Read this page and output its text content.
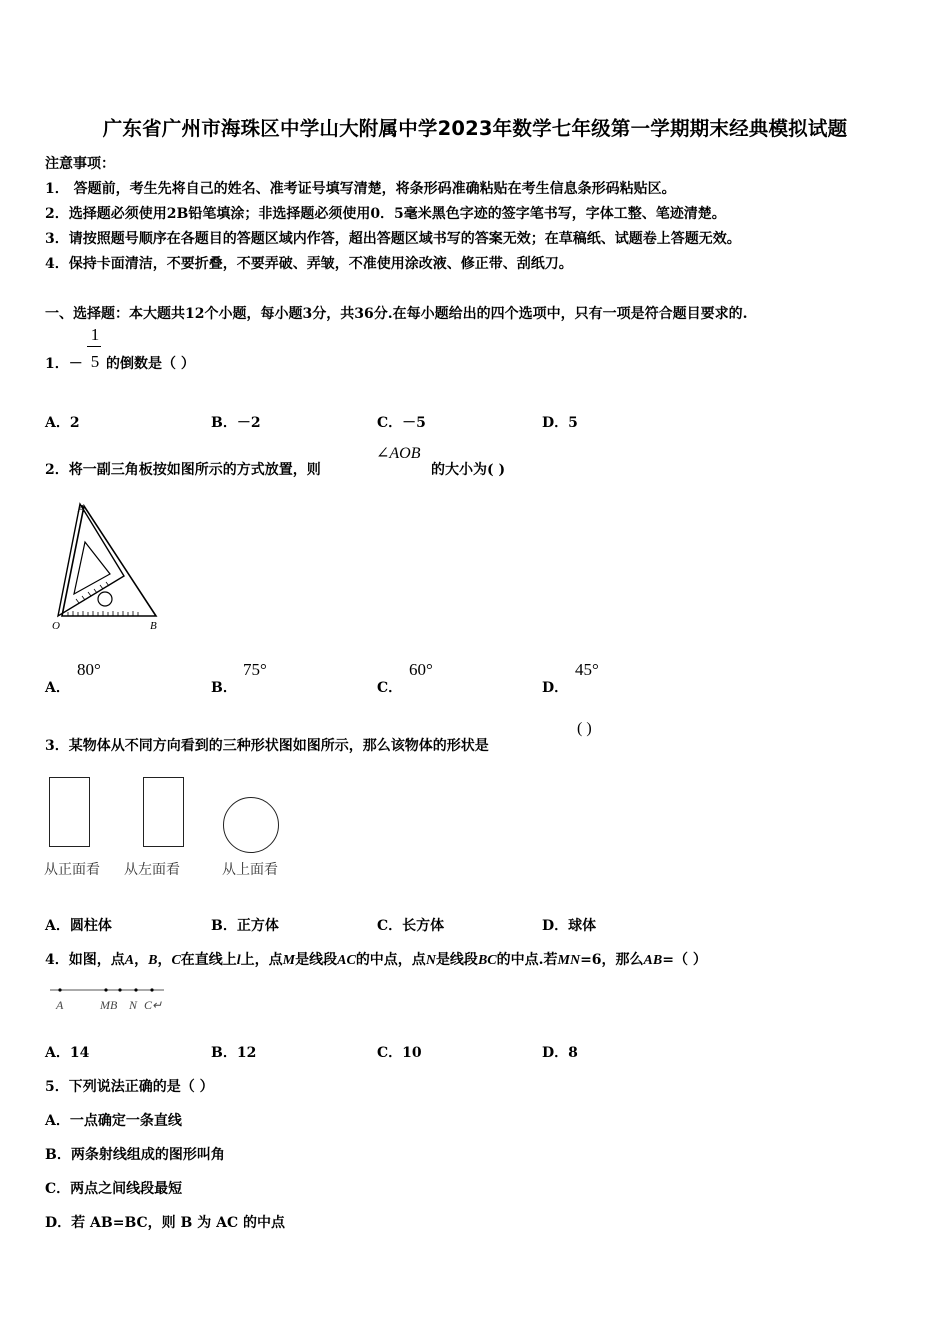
广东省广州市海珠区中学山大附属中学2023年数学七年级第一学期期末经典模拟试题
注意事项：
1． 答题前，考生先将自己的姓名、准考证号填写清楚，将条形码准确粘贴在考生信息条形码粘贴区。
2．选择题必须使用2B铅笔填涂；非选择题必须使用0．5毫米黑色字迹的签字笔书写，字体工整、笔迹清楚。
3．请按照题号顺序在各题目的答题区域内作答，超出答题区域书写的答案无效；在草稿纸、试题卷上答题无效。
4．保持卡面清洁，不要折叠，不要弄破、弄皱，不准使用涂改液、修正带、刮纸刀。
一、选择题：本大题共12个小题，每小题3分，共36分.在每小题给出的四个选项中，只有一项是符合题目要求的.
1．－
1
5 的倒数是（ ）
A．2	B．－2	C．－5	D．5
2．将一副三角板按如图所示的方式放置，则
∠AOB
的大小为( )
A
O	B
A．
80°
B．
75°
C．
60°
D．
45°
3．某物体从不同方向看到的三种形状图如图所示，那么该物体的形状是
( )
从正面看 从左面看	从上面看
A．圆柱体	B．正方体	C．长方体	D．球体
4．如图，点A，B，C在直线上l上，点M是线段AC的中点，点N是线段BC的中点.若MN=6，那么AB=（ ）
A	MB N C↵
A．14	B．12	C．10	D．8
5．下列说法正确的是（ ）
A．一点确定一条直线
B．两条射线组成的图形叫角
C．两点之间线段最短
D．若 AB=BC，则 B 为 AC 的中点
